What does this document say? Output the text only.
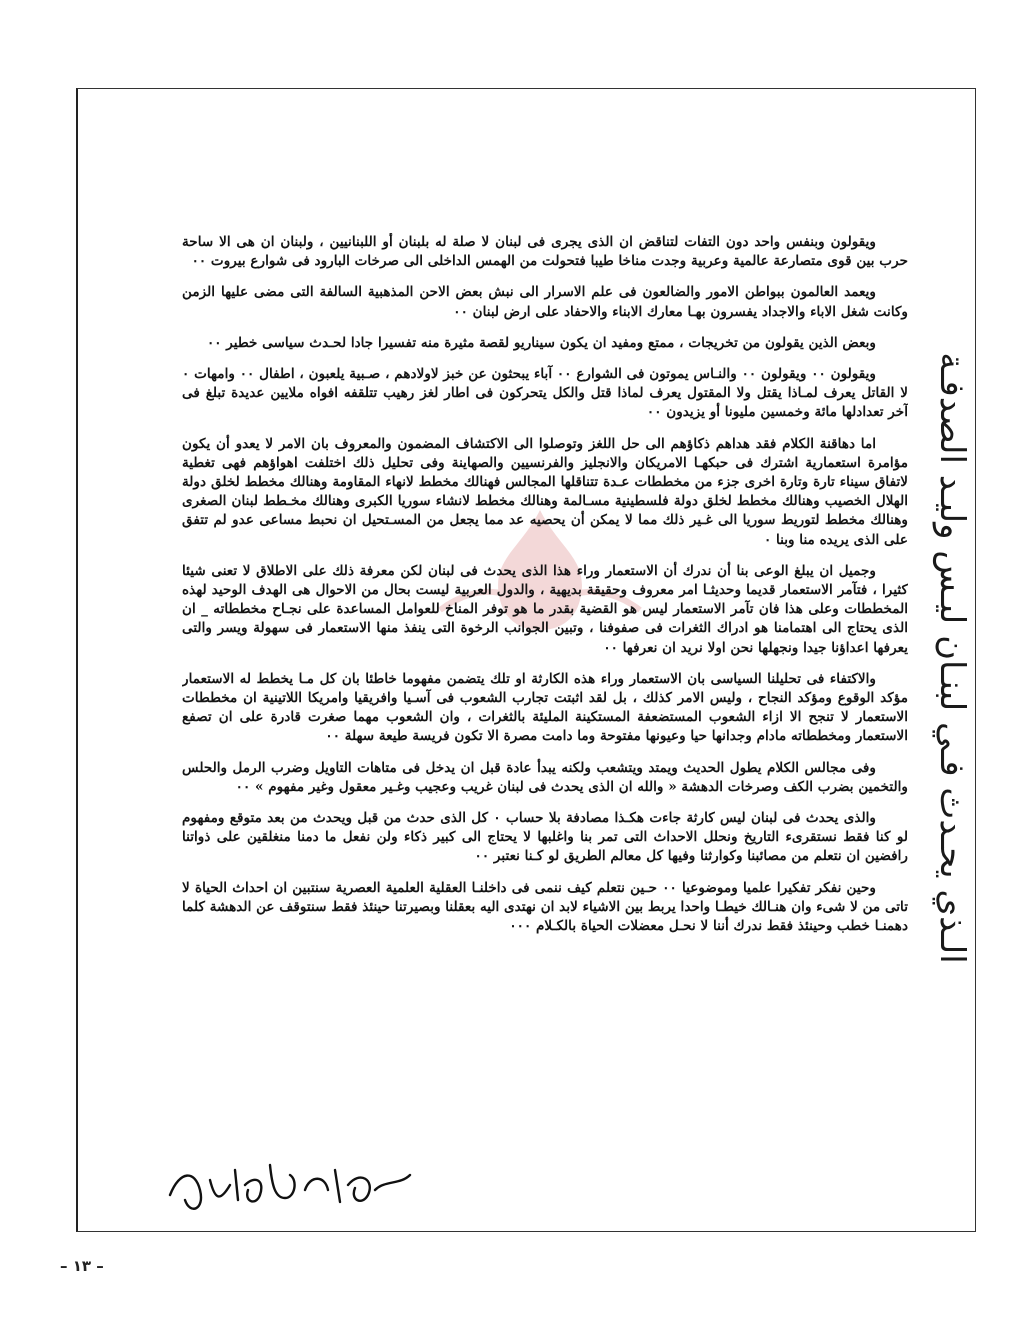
الـذي يحـدث فـي لبنـان ليـس وليـد الصدفـة

ويقولون وبنفس واحد دون التفات لتناقض ان الذى يجرى فى لبنان لا صلة له بلبنان أو اللبنانيين ، ولبنان ان هى الا ساحة حرب بين قوى متصارعة عالمية وعربية وجدت مناخا طيبا فتحولت من الهمس الداخلى الى صرخات البارود فى شوارع بيروت ٠٠

ويعمد العالمون ببواطن الامور والضالعون فى علم الاسرار الى نبش بعض الاحن المذهبية السالفة التى مضى عليها الزمن وكانت شغل الاباء والاجداد يفسرون بهـا معارك الابناء والاحفاد على ارض لبنان ٠٠

وبعض الذين يقولون من تخريجات ، ممتع ومفيد ان يكون سيناريو لقصة مثيرة منه تفسيرا جادا لحـدث سياسى خطير ٠٠

ويقولون ٠٠ ويقولون ٠٠ والنـاس يموتون فى الشوارع ٠٠ آباء يبحثون عن خبز لاولادهم ، صـبية يلعبون ، اطفال ٠٠ وامهات ٠ لا القاتل يعرف لمـاذا يقتل ولا المقتول يعرف لماذا قتل والكل يتحركون فى اطار لغز رهيب تتلقفه افواه ملايين عديدة تبلغ فى آخر تعدادلها مائة وخمسين مليونا أو يزيدون ٠٠

اما دهاقنة الكلام فقد هداهم ذكاؤهم الى حل اللغز وتوصلوا الى الاكتشاف المضمون والمعروف بان الامر لا يعدو أن يكون مؤامرة استعمارية اشترك فى حبكهـا الامريكان والانجليز والفرنسيين والصهاينة وفى تحليل ذلك اختلفت اهواؤهم فهى تغطية لاتفاق سيناء تارة وتارة اخرى جزء من مخططات عـدة تتناقلها المجالس فهنالك مخطط لانهاء المقاومة وهنالك مخطط لخلق دولة الهلال الخصيب وهنالك مخطط لخلق دولة فلسطينية مسـالمة وهنالك مخطط لانشاء سوريا الكبرى وهنالك مخـطط لبنان الصغرى وهنالك مخطط لتوريط سوريا الى غـير ذلك مما لا يمكن أن يحصيه عد مما يجعل من المسـتحيل ان نحبط مساعى عدو لم تتفق على الذى يريده منا وبنا ٠

وجميل ان يبلغ الوعى بنا أن ندرك أن الاستعمار وراء هذا الذى يحدث فى لبنان لكن معرفة ذلك على الاطلاق لا تعنى شيئا كثيرا ، فتآمر الاستعمار قديما وحديثـا امر معروف وحقيقة بديهية ، والدول العربية ليست بحال من الاحوال هى الهدف الوحيد لهذه المخططات وعلى هذا فان تآمر الاستعمار ليس هو القضية بقدر ما هو توفر المناخ للعوامل المساعدة على نجـاح مخططاته _ ان الذى يحتاج الى اهتمامنا هو ادراك الثغرات فى صفوفنا ، وتبين الجوانب الرخوة التى ينفذ منها الاستعمار فى سهولة ويسر والتى يعرفها اعداؤنا جيدا ونجهلها نحن اولا نريد ان نعرفها ٠٠

والاكتفاء فى تحليلنا السياسى بان الاستعمار وراء هذه الكارثة او تلك يتضمن مفهوما خاطئا بان كل مـا يخطط له الاستعمار مؤكد الوقوع ومؤكد النجاح ، وليس الامر كذلك ، بل لقد اثبتت تجارب الشعوب فى آسـيا وافريقيا وامريكا اللاتينية ان مخططات الاستعمار لا تنجح الا ازاء الشعوب المستضعفة المستكينة المليئة بالثغرات ، وان الشعوب مهما صغرت قادرة على ان تصفع الاستعمار ومخططاته مادام وجدانها حيا وعيونها مفتوحة وما دامت مصرة الا تكون فريسة طيعة سهلة ٠٠

وفى مجالس الكلام يطول الحديث ويمتد ويتشعب ولكنه يبدأ عادة قبل ان يدخل فى متاهات التاويل وضرب الرمل والحلس والتخمين بضرب الكف وصرخات الدهشة « والله ان الذى يحدث فى لبنان غريب وعجيب وغـير معقول وغير مفهوم » ٠٠

والذى يحدث فى لبنان ليس كارثة جاءت هكـذا مصادفة بلا حساب ٠ كل الذى حدث من قبل ويحدث من بعد متوقع ومفهوم لو كنا فقط نستقرىء التاريخ ونحلل الاحداث التى تمر بنا واغلبها لا يحتاج الى كبير ذكاء ولن نفعل ما دمنا منغلقين على ذواتنا رافضين ان نتعلم من مصائبنا وكوارثنا وفيها كل معالم الطريق لو كـنا نعتبر ٠٠

وحين نفكر تفكيرا علميا وموضوعيا ٠٠ حـين نتعلم كيف ننمى فى داخلنـا العقلية العلمية العصرية سنتبين ان احداث الحياة لا تاتى من لا شىء وان هنـالك خيطـا واحدا يربط بين الاشياء لابد ان نهتدى اليه بعقلنا وبصيرتنا حينئذ فقط سنتوقف عن الدهشة كلما دهمنـا خطب وحينئذ فقط ندرك أننا لا نحـل معضلات الحياة بالكـلام ٠٠٠

– ١٣ –
